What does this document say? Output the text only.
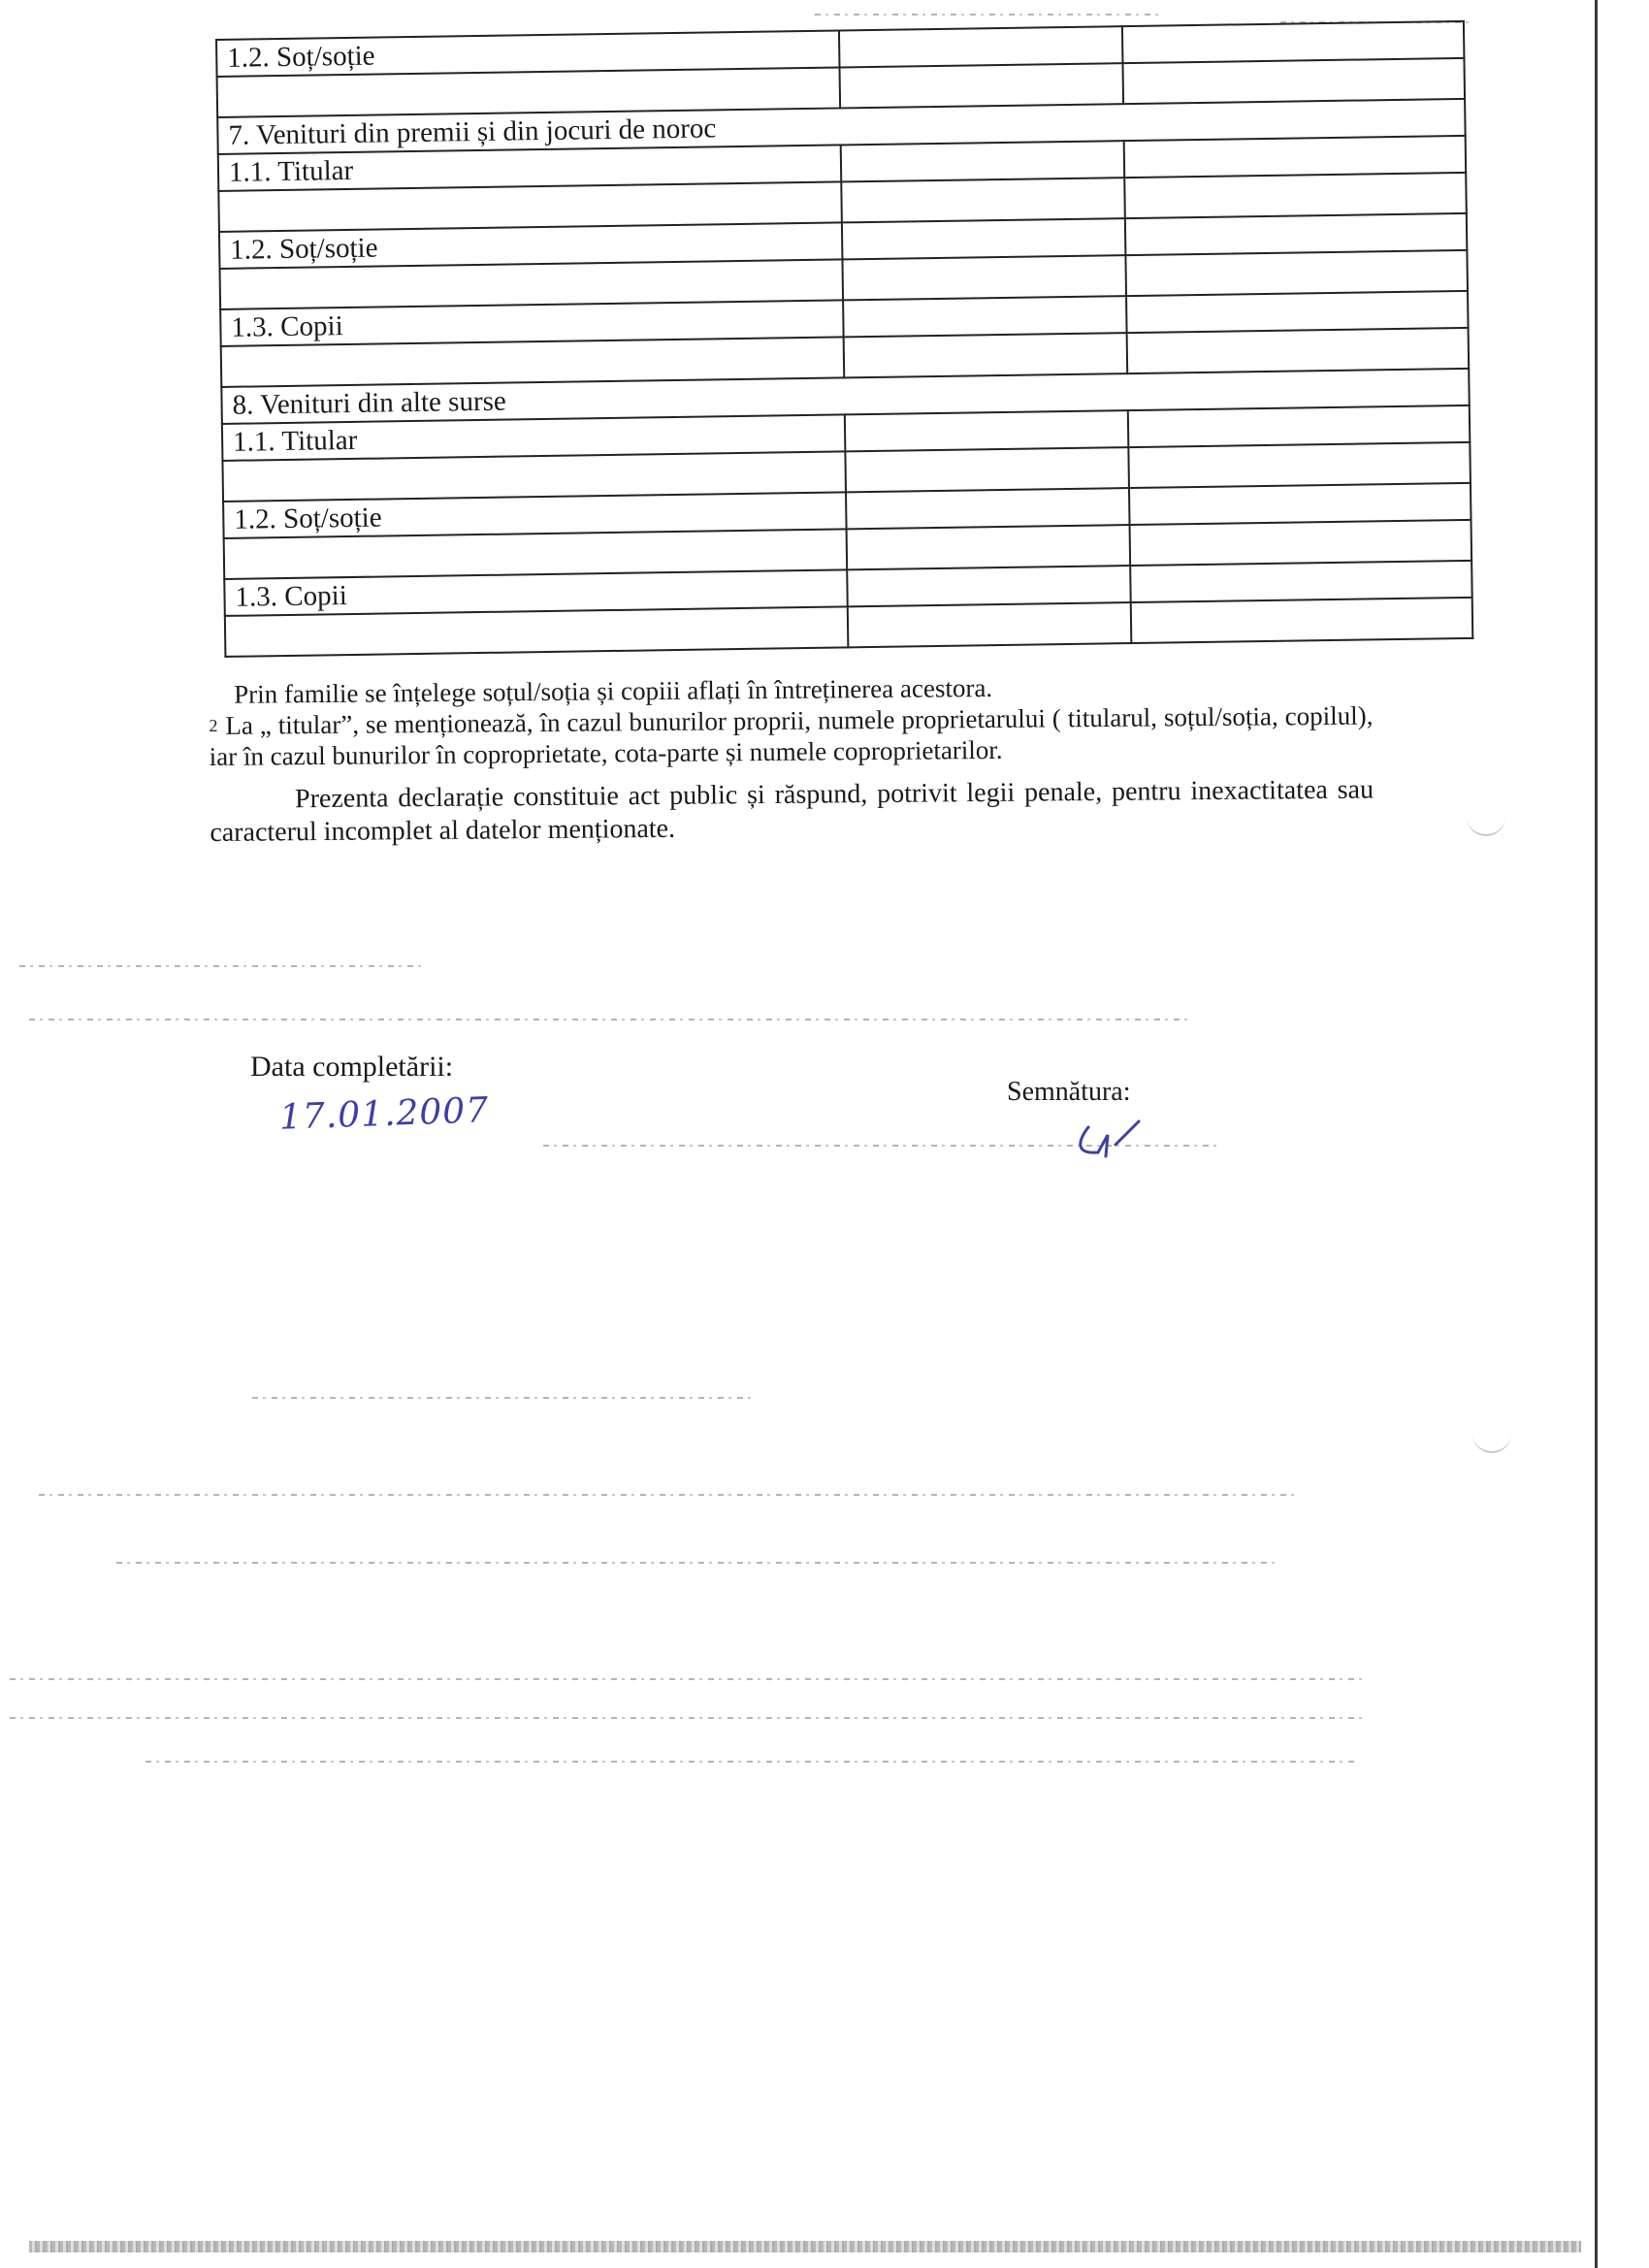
1.2. Soț/soție		

7. Venituri din premii și din jocuri de noroc		
1.1. Titular		

1.2. Soț/soție		

1.3. Copii		

8. Venituri din alte surse		
1.1. Titular		

1.2. Soț/soție		

1.3. Copii		

Prin familie se înțelege soțul/soția și copiii aflați în întreținerea acestora.

$^2$ La „ titular”, se menționează, în cazul bunurilor proprii, numele proprietarului ( titularul, soțul/soția, copilul), iar în cazul bunurilor în coproprietate, cota-parte și numele coproprietarilor.

Prezenta declarație constituie act public și răspund, potrivit legii penale, pentru inexactitatea sau caracterul incomplet al datelor menționate.

Data completării:
17.01.2007	Semnătura:
